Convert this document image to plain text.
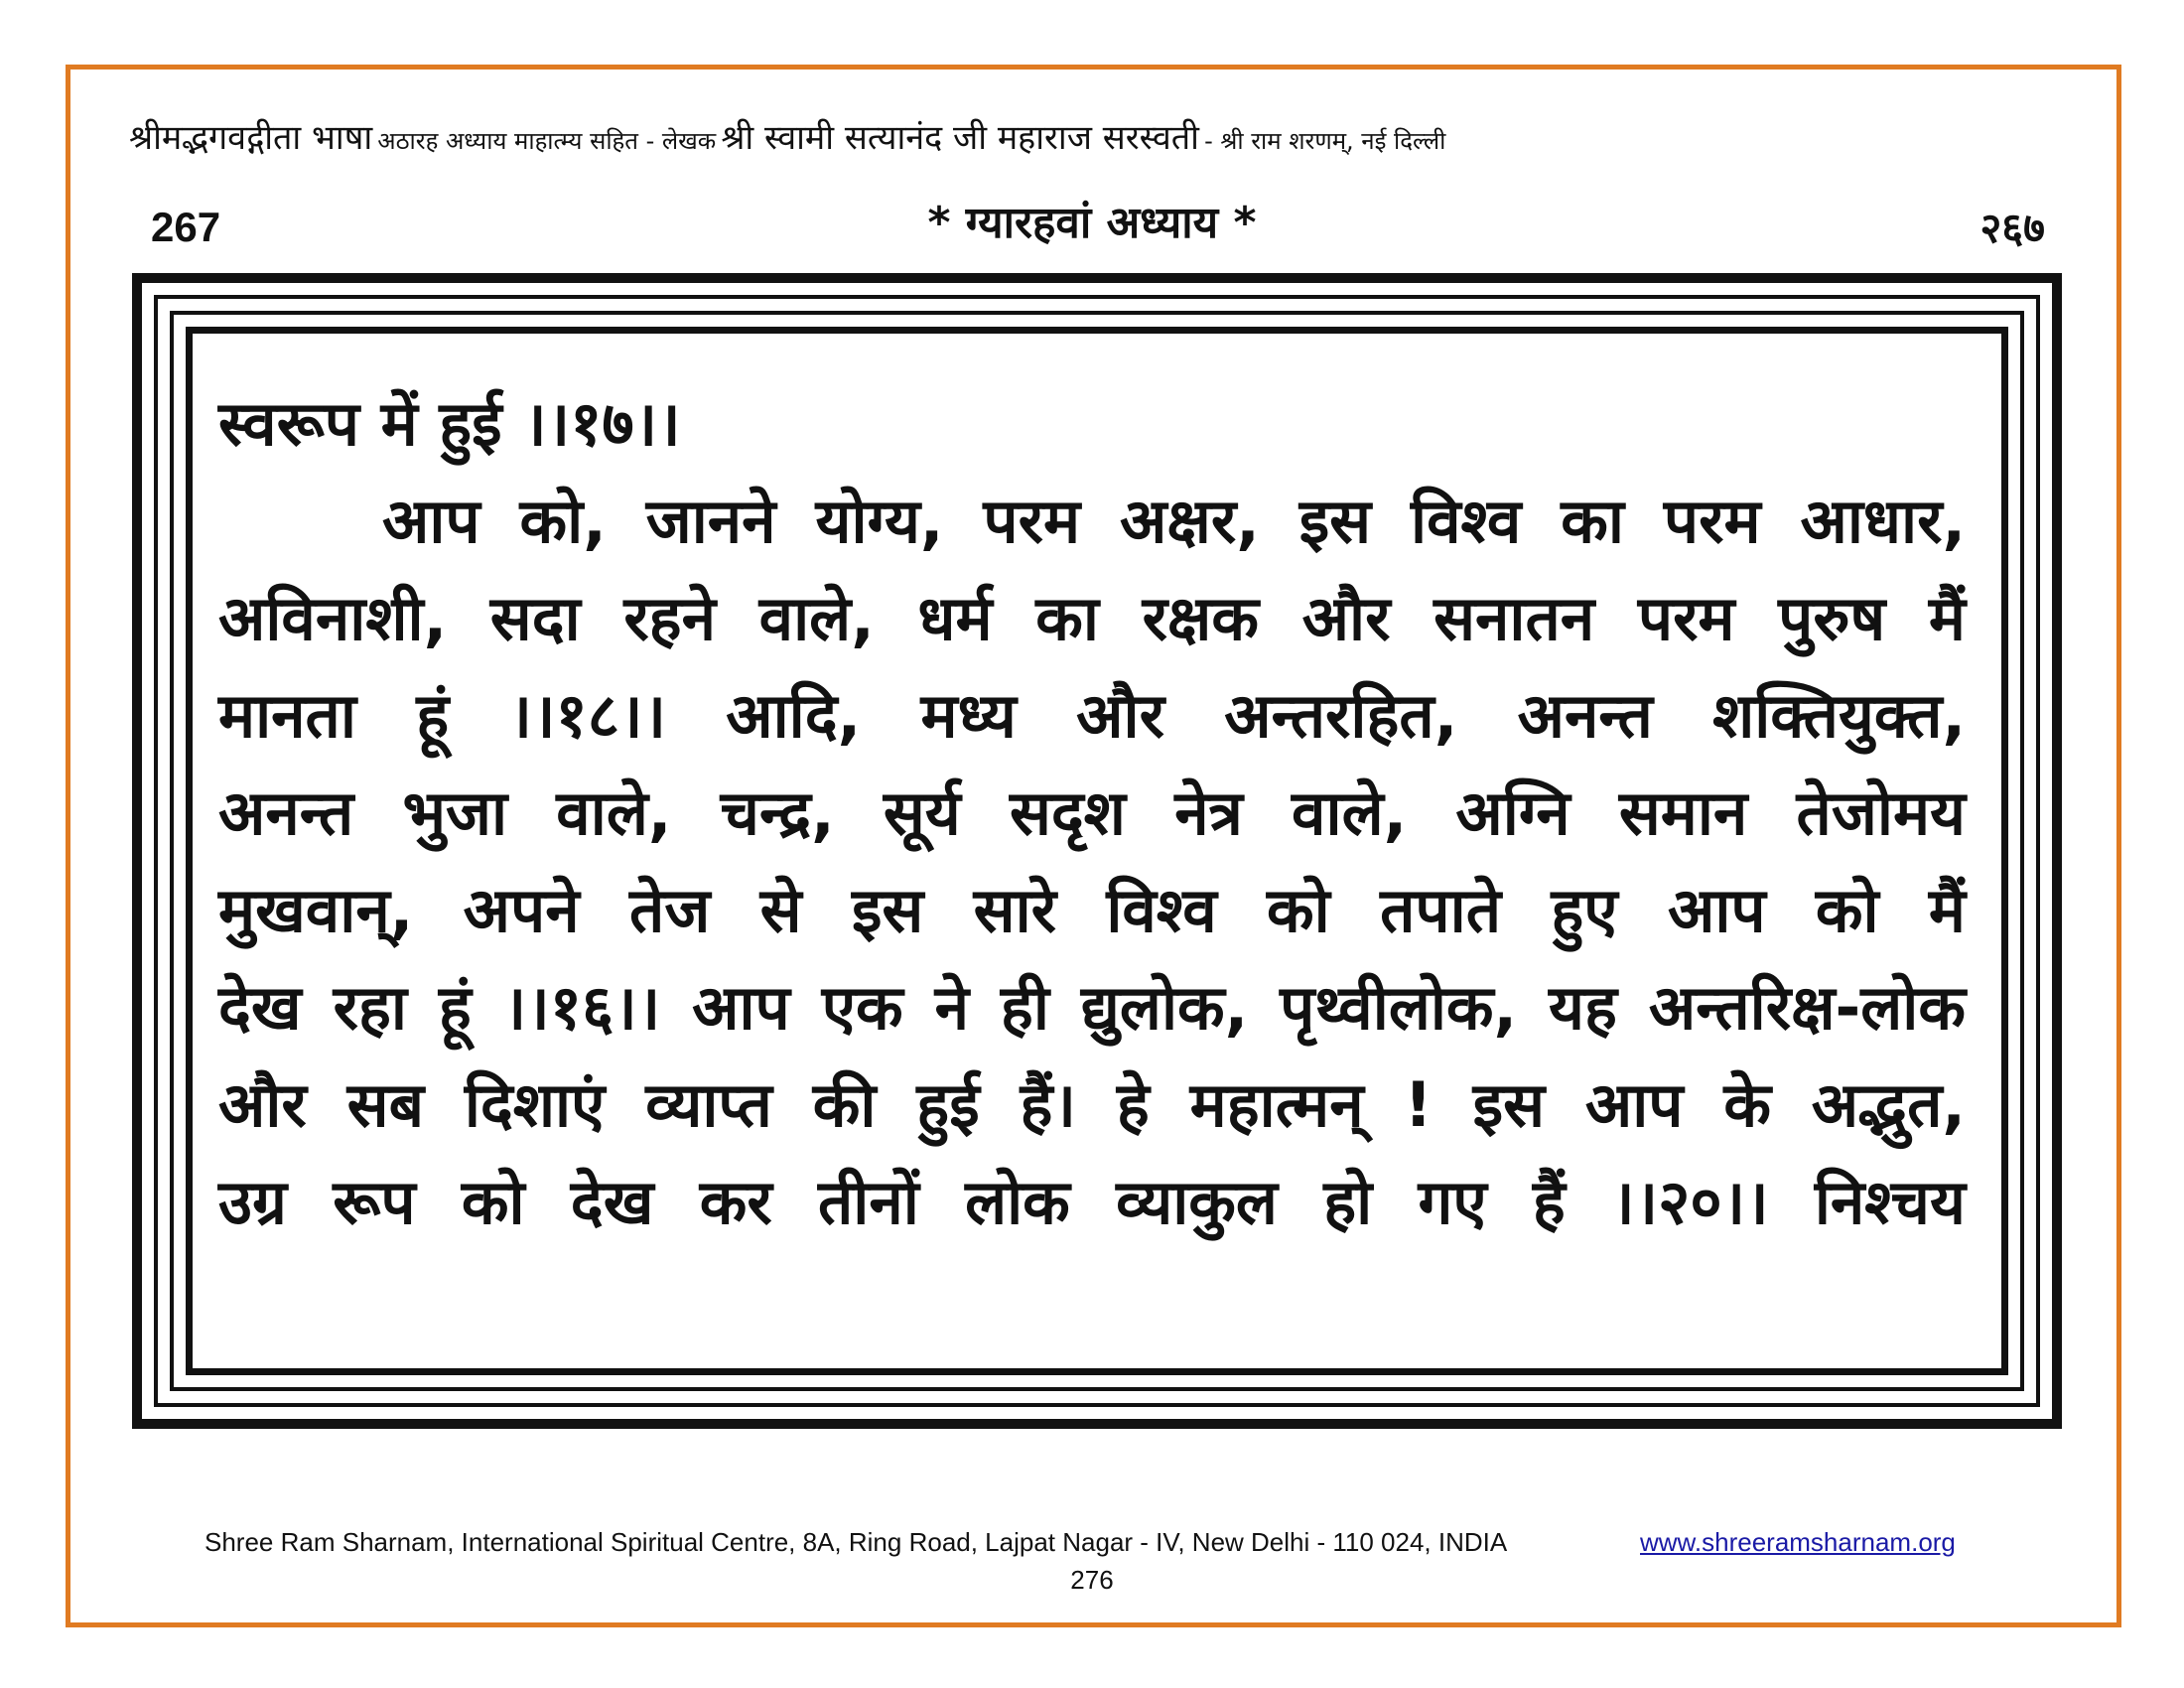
श्रीमद्भगवद्गीता भाषा अठारह अध्याय माहात्म्य सहित - लेखक श्री स्वामी सत्यानंद जी महाराज सरस्वती - श्री राम शरणम्, नई दिल्ली
267	* ग्यारहवां अध्याय *	२६७
स्वरूप में हुई ।।१७।।
आप को, जानने योग्य, परम अक्षर, इस विश्व का परम आधार,
अविनाशी, सदा रहने वाले, धर्म का रक्षक और सनातन परम पुरुष मैं
मानता हूं ।।१८।। आदि, मध्य और अन्तरहित, अनन्त शक्तियुक्त,
अनन्त भुजा वाले, चन्द्र, सूर्य सदृश नेत्र वाले, अग्नि समान तेजोमय
मुखवान्, अपने तेज से इस सारे विश्व को तपाते हुए आप को मैं
देख रहा हूं ।।१६।। आप एक ने ही द्युलोक, पृथ्वीलोक, यह अन्तरिक्ष-लोक
और सब दिशाएं व्याप्त की हुई हैं। हे महात्मन् ! इस आप के अद्भुत,
उग्र रूप को देख कर तीनों लोक व्याकुल हो गए हैं ।।२०।। निश्चय
Shree Ram Sharnam, International Spiritual Centre, 8A, Ring Road, Lajpat Nagar - IV, New Delhi - 110 024, INDIA	www.shreeramsharnam.org
276
